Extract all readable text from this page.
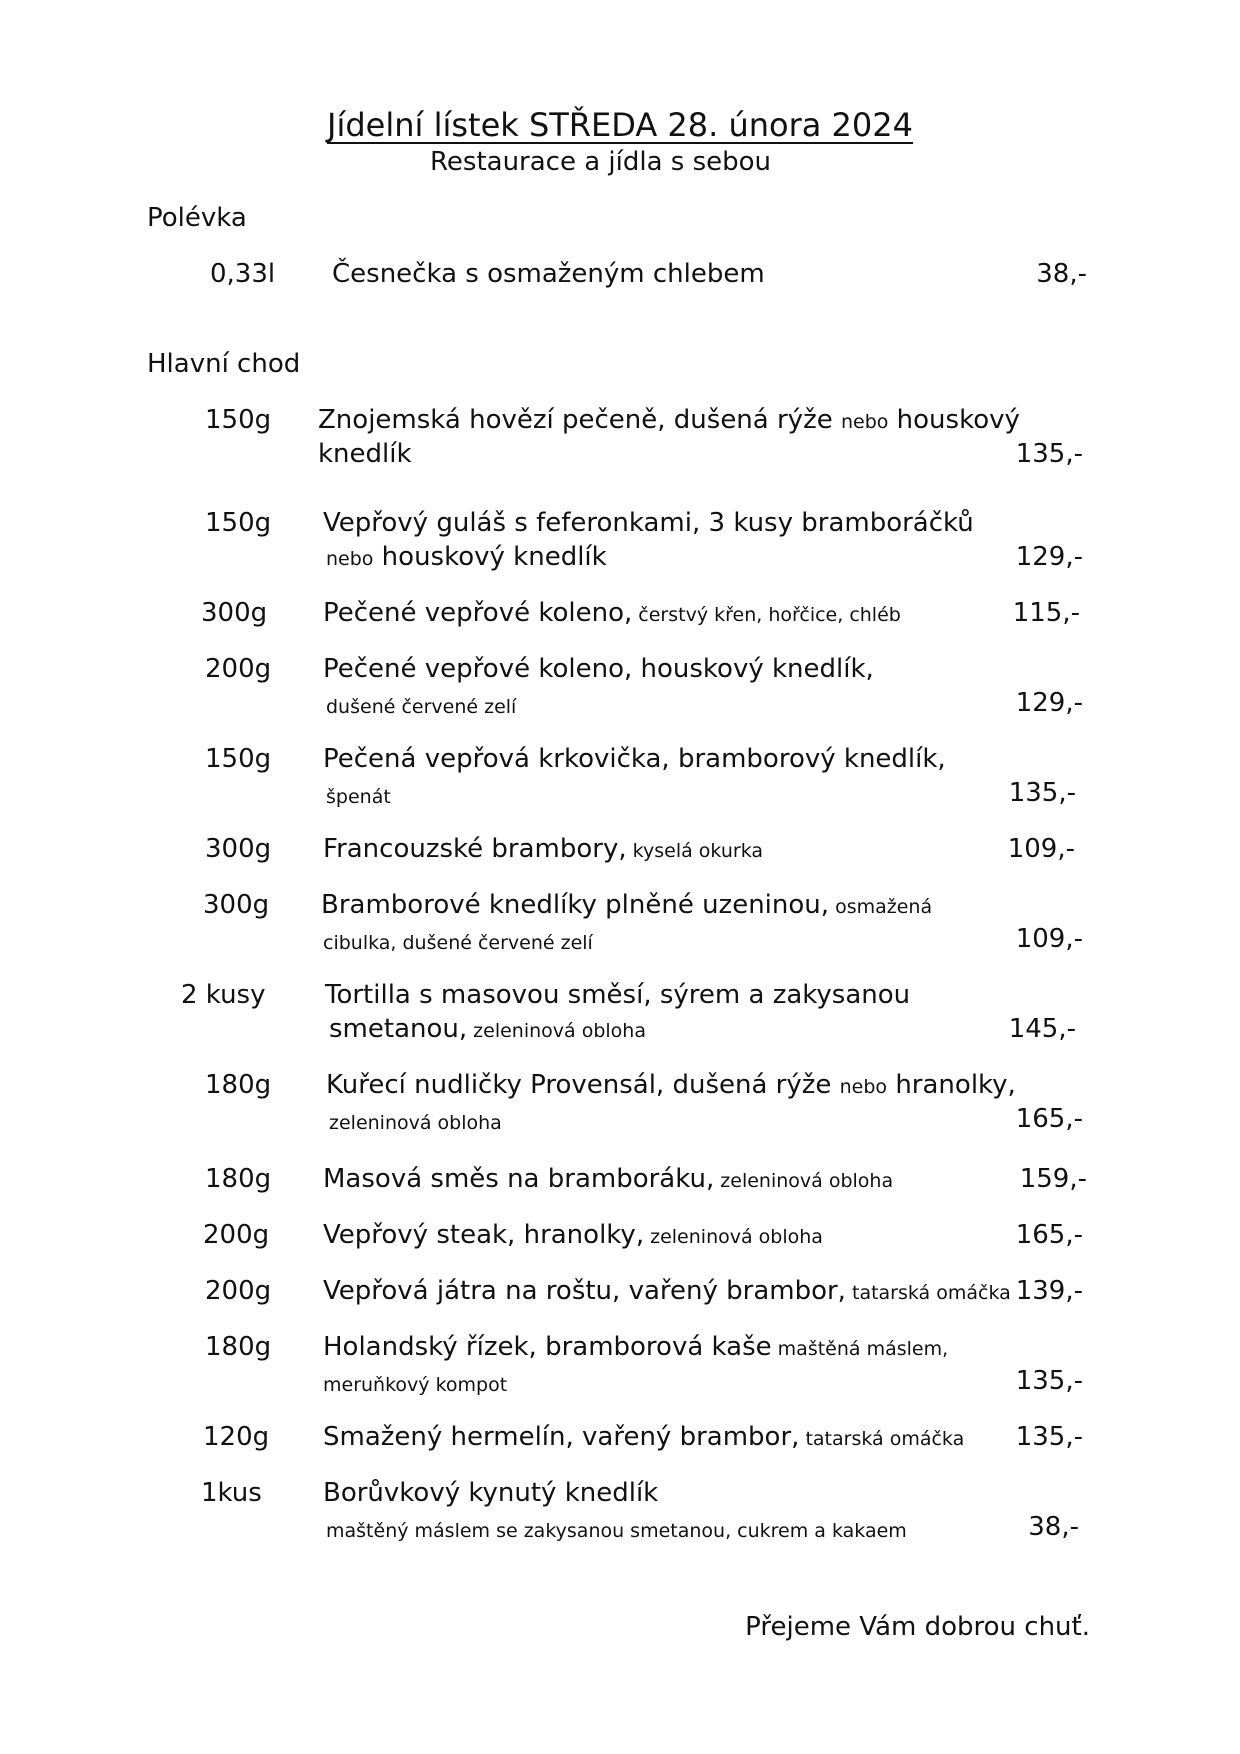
Jídelní lístek STŘEDA 28. února 2024
Restaurace a jídla s sebou
Polévka
0,33l Česnečka s osmaženým chlebem	38,-
Hlavní chod
150g Znojemská hovězí pečeně, dušená rýže nebo houskový
knedlík	135,-
150g Vepřový guláš s feferonkami, 3 kusy bramboráčků
nebo houskový knedlík	129,-
300g Pečené vepřové koleno, čerstvý křen, hořčice, chléb	115,-
200g Pečené vepřové koleno, houskový knedlík,
dušené červené zelí	129,-
150g Pečená vepřová krkovička, bramborový knedlík,
špenát	135,-
300g Francouzské brambory, kyselá okurka	109,-
300g Bramborové knedlíky plněné uzeninou, osmažená
cibulka, dušené červené zelí	109,-
2 kusy Tortilla s masovou směsí, sýrem a zakysanou
smetanou, zeleninová obloha	145,-
180g Kuřecí nudličky Provensál, dušená rýže nebo hranolky,
zeleninová obloha	165,-
180g Masová směs na bramboráku, zeleninová obloha	159,-
200g Vepřový steak, hranolky, zeleninová obloha	165,-
200g Vepřová játra na roštu, vařený brambor, tatarská omáčka 139,-
180g Holandský řízek, bramborová kaše maštěná máslem,
meruňkový kompot	135,-
120g Smažený hermelín, vařený brambor, tatarská omáčka 135,-
1kus Borůvkový kynutý knedlík
maštěný máslem se zakysanou smetanou, cukrem a kakaem	38,-
Přejeme Vám dobrou chuť.
